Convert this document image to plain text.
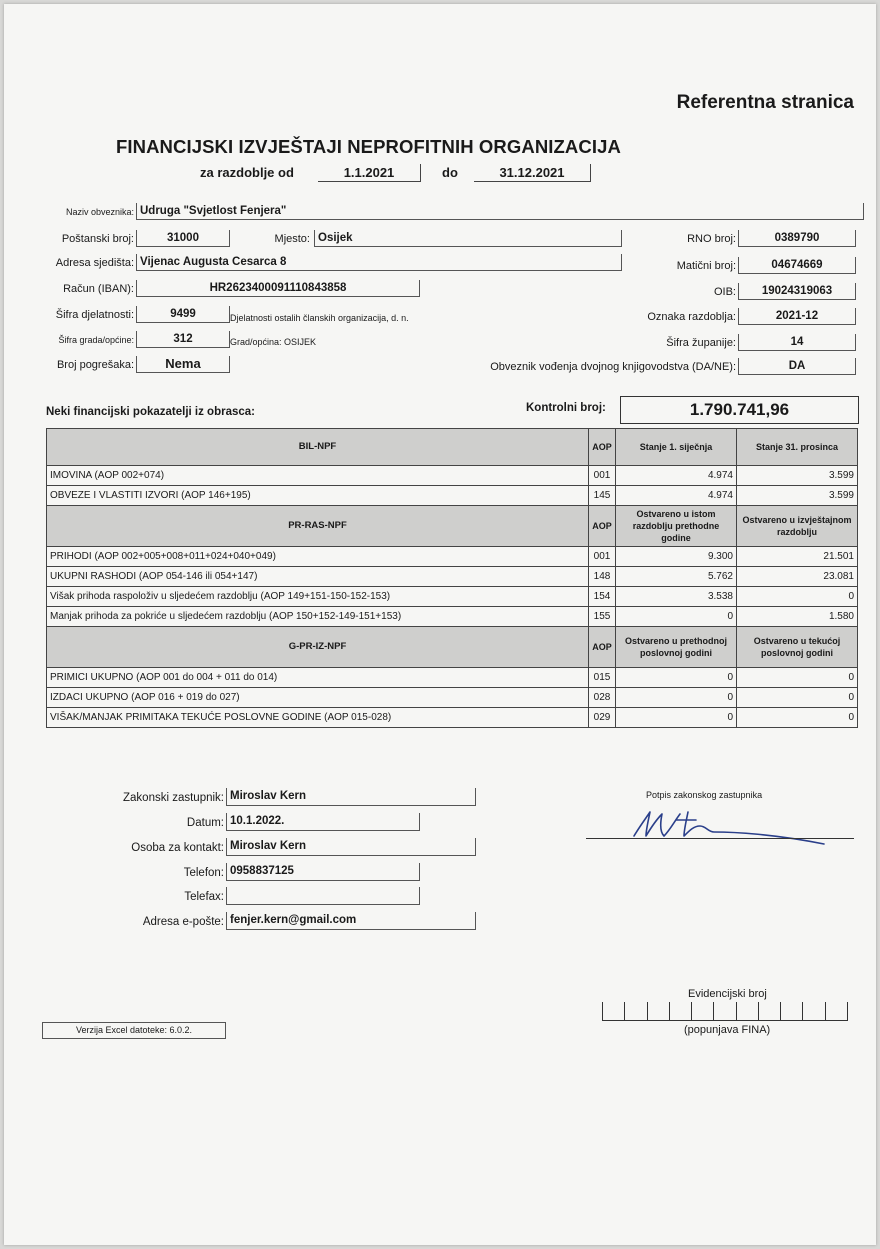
Referentna stranica
FINANCIJSKI IZVJEŠTAJI NEPROFITNIH ORGANIZACIJA
za razdoblje od	1.1.2021	do	31.12.2021
Naziv obveznika: Udruga "Svjetlost Fenjera"
Poštanski broj:	31000	Mjesto: Osijek	RNO broj:	0389790
Adresa sjedišta: Vijenac Augusta Cesarca 8	Matični broj:	04674669
Račun (IBAN):	HR2623400091110843858	OIB:	19024319063
Šifra djelatnosti:	9499	Djelatnosti ostalih članskih organizacija, d. n.	Oznaka razdoblja:	2021-12
Šifra grada/općine:	312	Grad/općina: OSIJEK	Šifra županije:	14
Broj pogrešaka:	Nema	Obveznik vođenja dvojnog knjigovodstva (DA/NE):	DA
Neki financijski pokazatelji iz obrasca:	Kontrolni broj:	1.790.741,96
BIL-NPF	AOP	Stanje 1. siječnja	Stanje 31. prosinca
IMOVINA (AOP 002+074)	001	4.974	3.599
OBVEZE I VLASTITI IZVORI (AOP 146+195)	145	4.974	3.599
PR-RAS-NPF	AOP	Ostvareno u istom razdoblju prethodne godine	Ostvareno u izvještajnom razdoblju
PRIHODI (AOP 002+005+008+011+024+040+049)	001	9.300	21.501
UKUPNI RASHODI (AOP 054-146 ili 054+147)	148	5.762	23.081
Višak prihoda raspoloživ u sljedećem razdoblju (AOP 149+151-150-152-153)	154	3.538	0
Manjak prihoda za pokriće u sljedećem razdoblju (AOP 150+152-149-151+153)	155	0	1.580
G-PR-IZ-NPF	AOP	Ostvareno u prethodnoj poslovnoj godini	Ostvareno u tekućoj poslovnoj godini
PRIMICI UKUPNO (AOP 001 do 004 + 011 do 014)	015	0	0
IZDACI UKUPNO (AOP 016 + 019 do 027)	028	0	0
VIŠAK/MANJAK PRIMITAKA TEKUĆE POSLOVNE GODINE (AOP 015-028)	029	0	0
Zakonski zastupnik: Miroslav Kern
Datum: 10.1.2022.
Osoba za kontakt: Miroslav Kern
Telefon: 0958837125
Telefax:
Adresa e-pošte: fenjer.kern@gmail.com
Potpis zakonskog zastupnika
Evidencijski broj
(popunjava FINA)
Verzija Excel datoteke: 6.0.2.
